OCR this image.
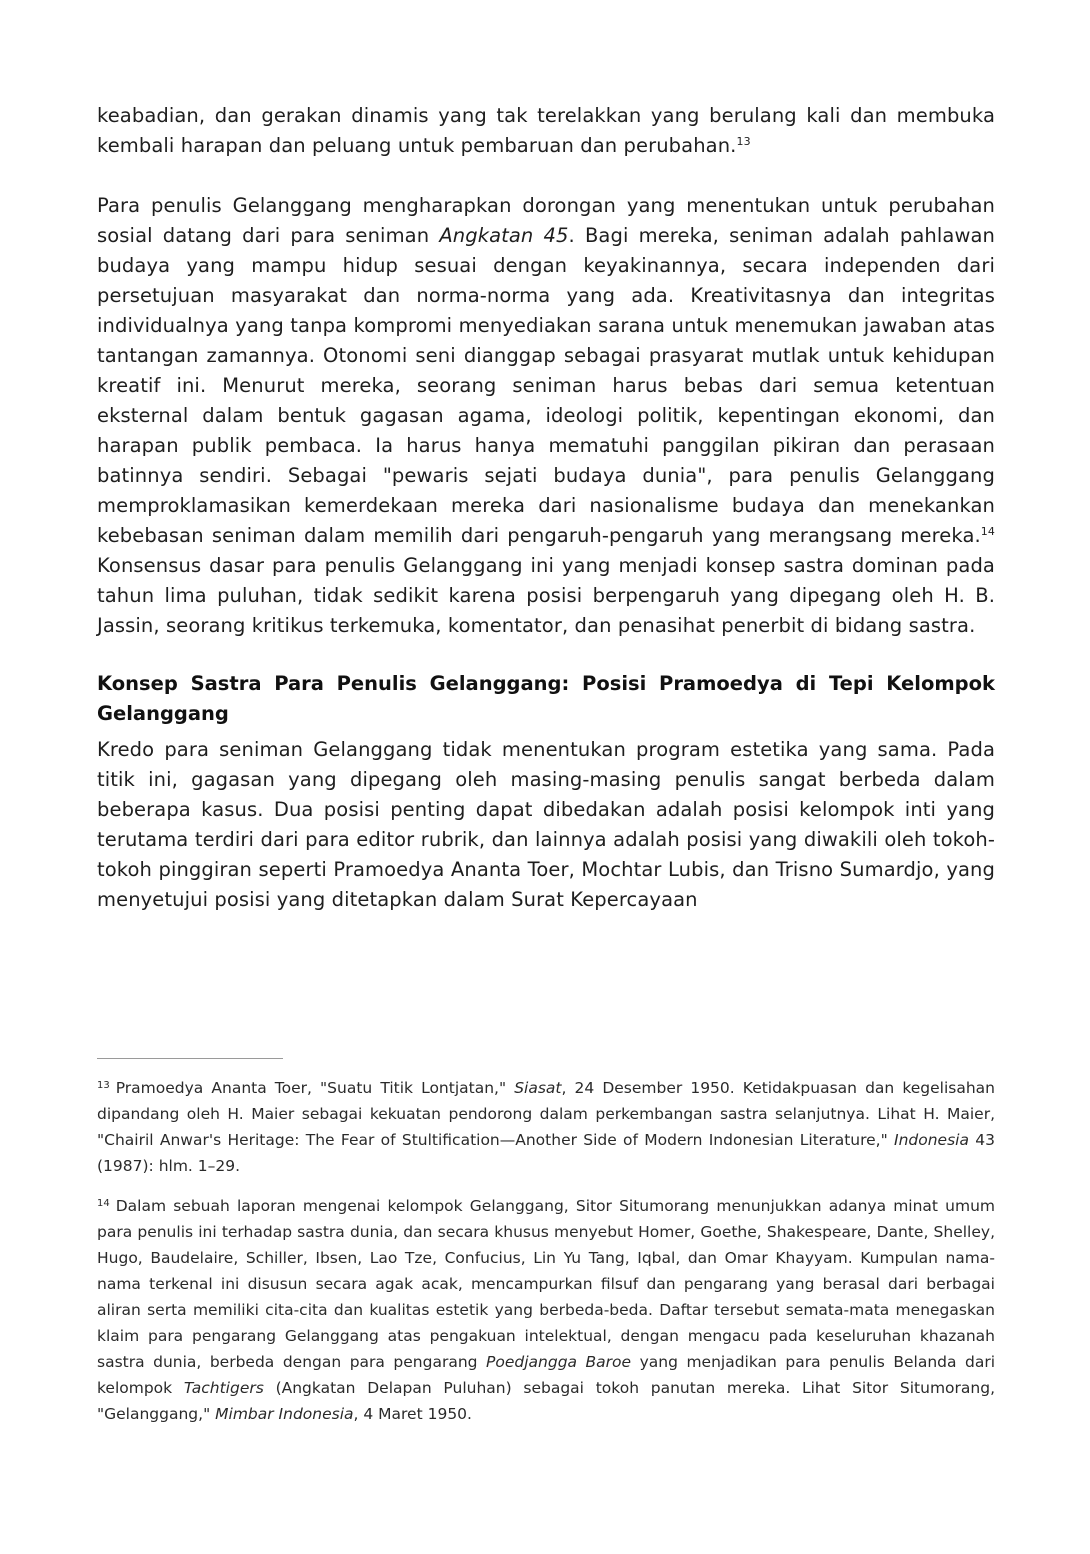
keabadian, dan gerakan dinamis yang tak terelakkan yang berulang kali dan membuka kembali harapan dan peluang untuk pembaruan dan perubahan.$^{13}$

Para penulis Gelanggang mengharapkan dorongan yang menentukan untuk perubahan sosial datang dari para seniman Angkatan 45. Bagi mereka, seniman adalah pahlawan budaya yang mampu hidup sesuai dengan keyakinannya, secara independen dari persetujuan masyarakat dan norma-norma yang ada. Kreativitasnya dan integritas individualnya yang tanpa kompromi menyediakan sarana untuk menemukan jawaban atas tantangan zamannya. Otonomi seni dianggap sebagai prasyarat mutlak untuk kehidupan kreatif ini. Menurut mereka, seorang seniman harus bebas dari semua ketentuan eksternal dalam bentuk gagasan agama, ideologi politik, kepentingan ekonomi, dan harapan publik pembaca. Ia harus hanya mematuhi panggilan pikiran dan perasaan batinnya sendiri. Sebagai "pewaris sejati budaya dunia", para penulis Gelanggang memproklamasikan kemerdekaan mereka dari nasionalisme budaya dan menekankan kebebasan seniman dalam memilih dari pengaruh-pengaruh yang merangsang mereka.$^{14}$ Konsensus dasar para penulis Gelanggang ini yang menjadi konsep sastra dominan pada tahun lima puluhan, tidak sedikit karena posisi berpengaruh yang dipegang oleh H. B. Jassin, seorang kritikus terkemuka, komentator, dan penasihat penerbit di bidang sastra.

Konsep Sastra Para Penulis Gelanggang: Posisi Pramoedya di Tepi Kelompok Gelanggang

Kredo para seniman Gelanggang tidak menentukan program estetika yang sama. Pada titik ini, gagasan yang dipegang oleh masing-masing penulis sangat berbeda dalam beberapa kasus. Dua posisi penting dapat dibedakan adalah posisi kelompok inti yang terutama terdiri dari para editor rubrik, dan lainnya adalah posisi yang diwakili oleh tokoh-tokoh pinggiran seperti Pramoedya Ananta Toer, Mochtar Lubis, dan Trisno Sumardjo, yang menyetujui posisi yang ditetapkan dalam Surat Kepercayaan

$^{13}$ Pramoedya Ananta Toer, "Suatu Titik Lontjatan," Siasat, 24 Desember 1950. Ketidakpuasan dan kegelisahan dipandang oleh H. Maier sebagai kekuatan pendorong dalam perkembangan sastra selanjutnya. Lihat H. Maier, "Chairil Anwar's Heritage: The Fear of Stultification—Another Side of Modern Indonesian Literature," Indonesia 43 (1987): hlm. 1–29.

$^{14}$ Dalam sebuah laporan mengenai kelompok Gelanggang, Sitor Situmorang menunjukkan adanya minat umum para penulis ini terhadap sastra dunia, dan secara khusus menyebut Homer, Goethe, Shakespeare, Dante, Shelley, Hugo, Baudelaire, Schiller, Ibsen, Lao Tze, Confucius, Lin Yu Tang, Iqbal, dan Omar Khayyam. Kumpulan nama-nama terkenal ini disusun secara agak acak, mencampurkan filsuf dan pengarang yang berasal dari berbagai aliran serta memiliki cita-cita dan kualitas estetik yang berbeda-beda. Daftar tersebut semata-mata menegaskan klaim para pengarang Gelanggang atas pengakuan intelektual, dengan mengacu pada keseluruhan khazanah sastra dunia, berbeda dengan para pengarang Poedjangga Baroe yang menjadikan para penulis Belanda dari kelompok Tachtigers (Angkatan Delapan Puluhan) sebagai tokoh panutan mereka. Lihat Sitor Situmorang, "Gelanggang," Mimbar Indonesia, 4 Maret 1950.
